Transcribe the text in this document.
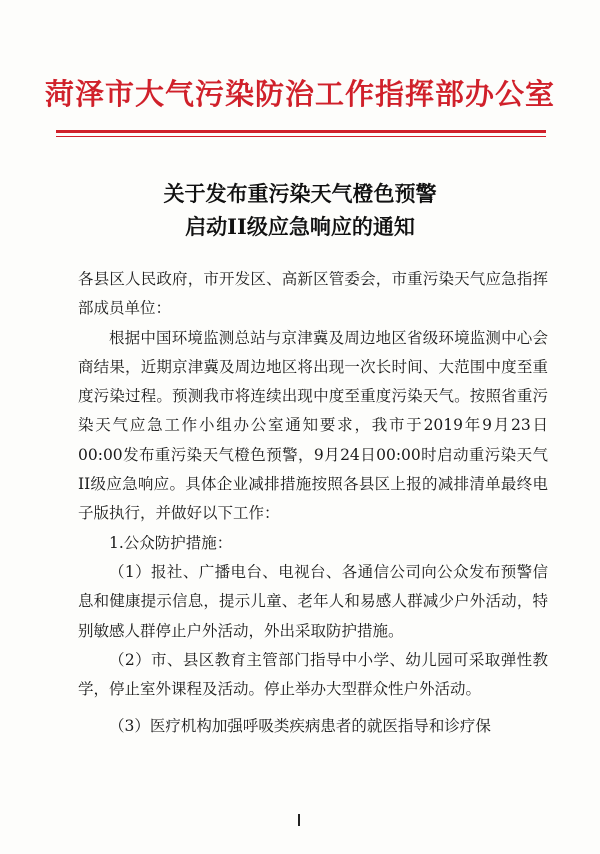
菏泽市大气污染防治工作指挥部办公室
关于发布重污染天气橙色预警
启动II级应急响应的通知

各县区人民政府，市开发区、高新区管委会，市重污染天气应急指挥部成员单位：

根据中国环境监测总站与京津冀及周边地区省级环境监测中心会商结果，近期京津冀及周边地区将出现一次长时间、大范围中度至重度污染过程。预测我市将连续出现中度至重度污染天气。按照省重污染天气应急工作小组办公室通知要求，我市于2019年9月23日00:00发布重污染天气橙色预警，9月24日00:00时启动重污染天气II级应急响应。具体企业减排措施按照各县区上报的减排清单最终电子版执行，并做好以下工作：

1.公众防护措施：

（1）报社、广播电台、电视台、各通信公司向公众发布预警信息和健康提示信息，提示儿童、老年人和易感人群减少户外活动，特别敏感人群停止户外活动，外出采取防护措施。

（2）市、县区教育主管部门指导中小学、幼儿园可采取弹性教学，停止室外课程及活动。停止举办大型群众性户外活动。

（3）医疗机构加强呼吸类疾病患者的就医指导和诊疗保
